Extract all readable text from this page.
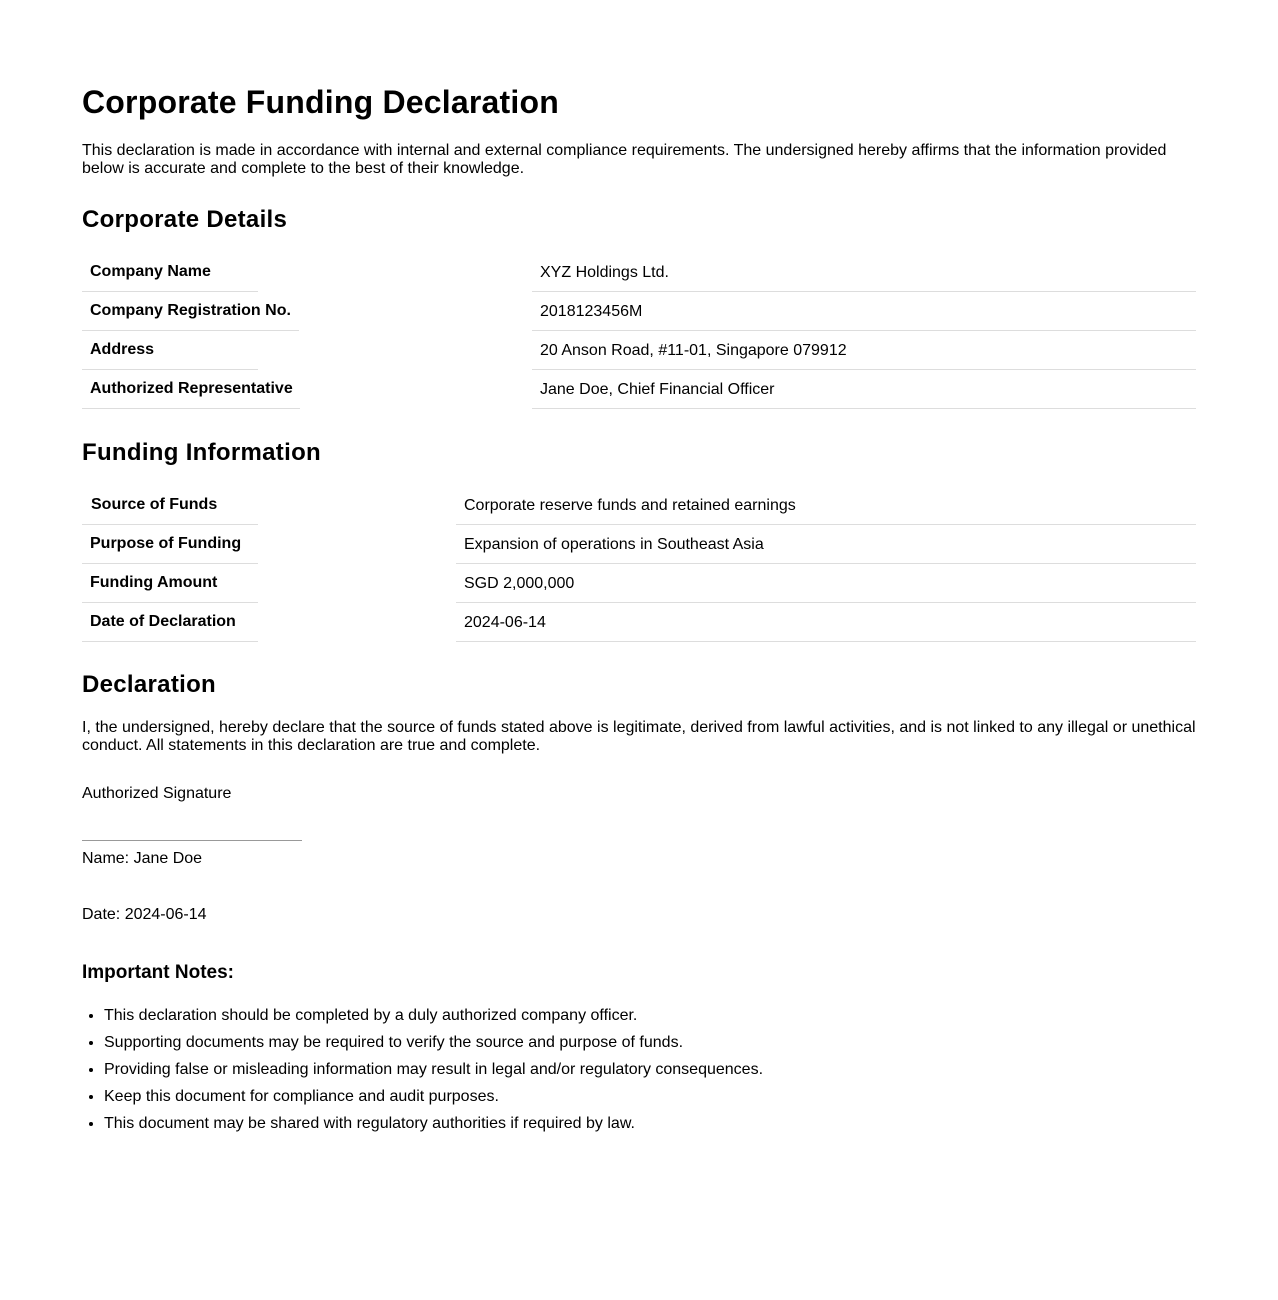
Corporate Funding Declaration

This declaration is made in accordance with internal and external compliance requirements. The undersigned hereby affirms that the information provided below is accurate and complete to the best of their knowledge.

Corporate Details
Company Name	XYZ Holdings Ltd.
Company Registration No.	2018123456M
Address	20 Anson Road, #11-01, Singapore 079912
Authorized Representative	Jane Doe, Chief Financial Officer
Funding Information
Source of Funds	Corporate reserve funds and retained earnings
Purpose of Funding	Expansion of operations in Southeast Asia
Funding Amount	SGD 2,000,000
Date of Declaration	2024-06-14
Declaration

I, the undersigned, hereby declare that the source of funds stated above is legitimate, derived from lawful activities, and is not linked to any illegal or unethical conduct. All statements in this declaration are true and complete.

Authorized Signature

Name: Jane Doe

Date: 2024-06-14

Important Notes:
• This declaration should be completed by a duly authorized company officer.
• Supporting documents may be required to verify the source and purpose of funds.
• Providing false or misleading information may result in legal and/or regulatory consequences.
• Keep this document for compliance and audit purposes.
• This document may be shared with regulatory authorities if required by law.
